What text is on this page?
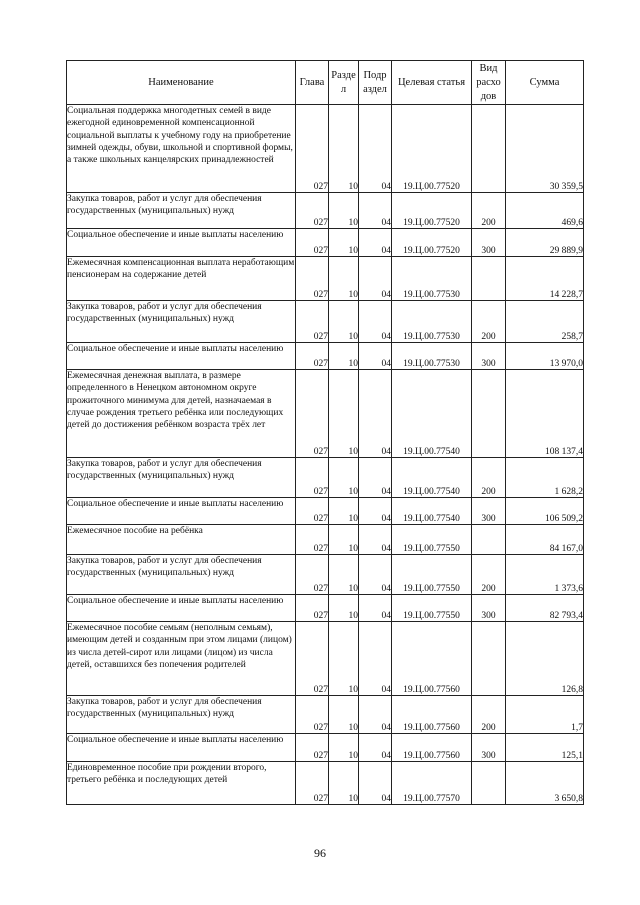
Наименование	Глава	Разде л	Подр аздел	Целевая статья	Вид расхо дов	Сумма
Социальная поддержка многодетных семей в виде ежегодной единовременной компенсационной социальной выплаты к учебному году на приобретение зимней одежды, обуви, школьной и спортивной формы, а также школьных канцелярских принадлежностей	027	10	04	19.Ц.00.77520		30 359,5
Закупка товаров, работ и услуг для обеспечения государственных (муниципальных) нужд	027	10	04	19.Ц.00.77520	200	469,6
Социальное обеспечение и иные выплаты населению	027	10	04	19.Ц.00.77520	300	29 889,9
Ежемесячная компенсационная выплата неработающим пенсионерам на содержание детей	027	10	04	19.Ц.00.77530		14 228,7
Закупка товаров, работ и услуг для обеспечения государственных (муниципальных) нужд	027	10	04	19.Ц.00.77530	200	258,7
Социальное обеспечение и иные выплаты населению	027	10	04	19.Ц.00.77530	300	13 970,0
Ежемесячная денежная выплата, в размере определенного в Ненецком автономном округе прожиточного минимума для детей, назначаемая в случае рождения третьего ребёнка или последующих детей до достижения ребёнком возраста трёх лет	027	10	04	19.Ц.00.77540		108 137,4
Закупка товаров, работ и услуг для обеспечения государственных (муниципальных) нужд	027	10	04	19.Ц.00.77540	200	1 628,2
Социальное обеспечение и иные выплаты населению	027	10	04	19.Ц.00.77540	300	106 509,2
Ежемесячное пособие на ребёнка	027	10	04	19.Ц.00.77550		84 167,0
Закупка товаров, работ и услуг для обеспечения государственных (муниципальных) нужд	027	10	04	19.Ц.00.77550	200	1 373,6
Социальное обеспечение и иные выплаты населению	027	10	04	19.Ц.00.77550	300	82 793,4
Ежемесячное пособие семьям (неполным семьям), имеющим детей и созданным при этом лицами (лицом) из числа детей-сирот или лицами (лицом) из числа детей, оставшихся без попечения родителей	027	10	04	19.Ц.00.77560		126,8
Закупка товаров, работ и услуг для обеспечения государственных (муниципальных) нужд	027	10	04	19.Ц.00.77560	200	1,7
Социальное обеспечение и иные выплаты населению	027	10	04	19.Ц.00.77560	300	125,1
Единовременное пособие при рождении второго, третьего ребёнка и последующих детей	027	10	04	19.Ц.00.77570		3 650,8
96
